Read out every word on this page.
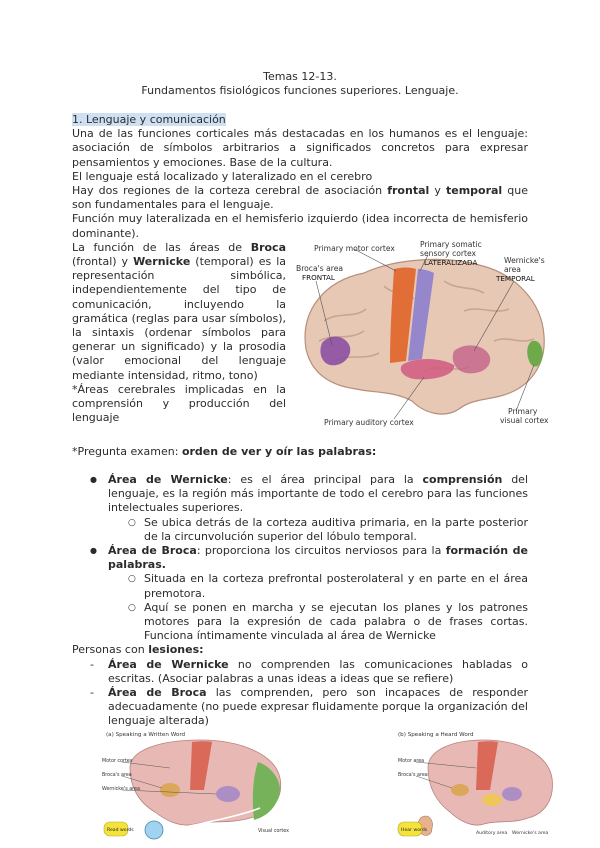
Temas 12-13.
Fundamentos fisiológicos funciones superiores. Lenguaje.
1. Lenguaje y comunicación

Una de las funciones corticales más destacadas en los humanos es el lenguaje: asociación de símbolos arbitrarios a significados concretos para expresar pensamientos y emociones. Base de la cultura.

El lenguaje está localizado y lateralizado en el cerebro

Hay dos regiones de la corteza cerebral de asociación frontal y temporal que son fundamentales para el lenguaje.

Función muy lateralizada en el hemisferio izquierdo (idea incorrecta de hemisferio dominante).

La función de las áreas de Broca (frontal) y Wernicke (temporal) es la representación simbólica, independientemente del tipo de comunicación, incluyendo la gramática (reglas para usar símbolos), la sintaxis (ordenar símbolos para generar un significado) y la prosodia (valor emocional del lenguaje mediante intensidad, ritmo, tono)

*Áreas cerebrales implicadas en la comprensión y producción del lenguaje

Primary motor cortex	Primary somatic
sensory cortex
LATERALIZADA
Broca's area
FRONTAL
Wernicke's
area
TEMPORAL
Primary auditory cortex
Primary
visual cortex

*Pregunta examen: orden de ver y oír las palabras:

● Área de Wernicke: es el área principal para la comprensión del lenguaje, es la región más importante de todo el cerebro para las funciones intelectuales superiores.
○ Se ubica detrás de la corteza auditiva primaria, en la parte posterior de la circunvolución superior del lóbulo temporal.
● Área de Broca: proporciona los circuitos nerviosos para la formación de palabras.
○ Situada en la corteza prefrontal posterolateral y en parte en el área premotora.
○ Aquí se ponen en marcha y se ejecutan los planes y los patrones motores para la expresión de cada palabra o de frases cortas. Funciona íntimamente vinculada al área de Wernicke

Personas con lesiones:

- Área de Wernicke no comprenden las comunicaciones habladas o escritas. (Asociar palabras a unas ideas a ideas que se refiere)
- Área de Broca las comprenden, pero son incapaces de responder adecuadamente (no puede expresar fluidamente porque la organización del lenguaje alterada)
(a) Speaking a Written Word
Motor cortex
Broca's area
Wernicke's area
Read words	Visual cortex
(b) Speaking a Heard Word
Motor area
Broca's area
Hear words
Auditory area Wernicke's area
